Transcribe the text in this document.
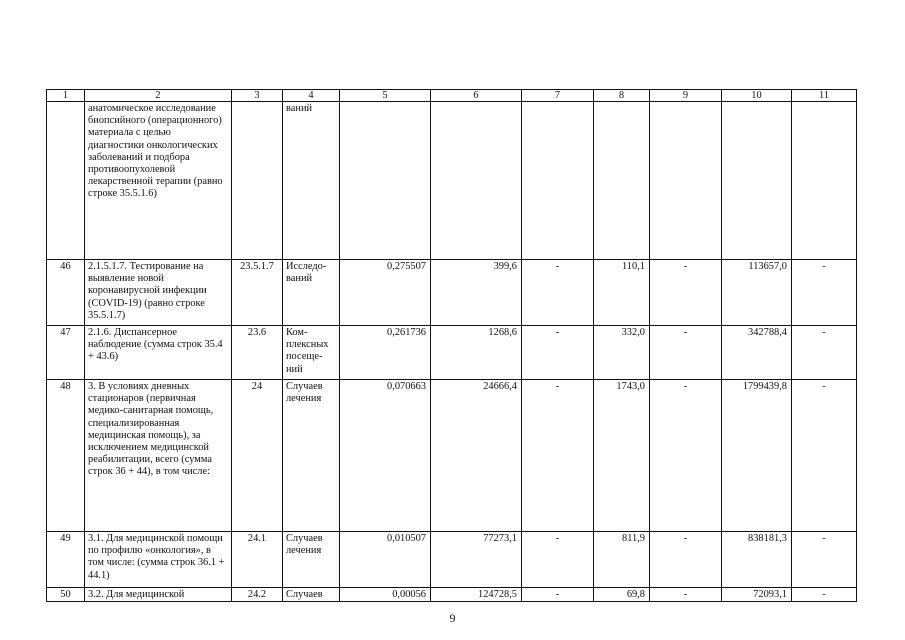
1	2	3	4	5	6	7	8	9	10	11
	анатомическое исследование биопсийного (операционного) материала с целью диагностики онкологических заболеваний и подбора противоопухолевой лекарственной терапии (равно строке 35.5.1.6)		ваний							
46	2.1.5.1.7. Тестирование на выявление новой коронавирусной инфекции (COVID-19) (равно строке 35.5.1.7)	23.5.1.7	Исследо-ваний	0,275507	399,6	-	110,1	-	113657,0	-
47	2.1.6. Диспансерное наблюдение (сумма строк 35.4 + 43.6)	23.6	Ком-плексных посеще-ний	0,261736	1268,6	-	332,0	-	342788,4	-
48	3. В условиях дневных стационаров (первичная медико-санитарная помощь, специализированная медицинская помощь), за исключением медицинской реабилитации, всего (сумма строк 36 + 44), в том числе:	24	Случаев лечения	0,070663	24666,4	-	1743,0	-	1799439,8	-
49	3.1. Для медицинской помощи по профилю «онкология», в том числе: (сумма строк 36.1 + 44.1)	24.1	Случаев лечения	0,010507	77273,1	-	811,9	-	838181,3	-
50	3.2. Для медицинской	24.2	Случаев	0,00056	124728,5	-	69,8	-	72093,1	-
9
